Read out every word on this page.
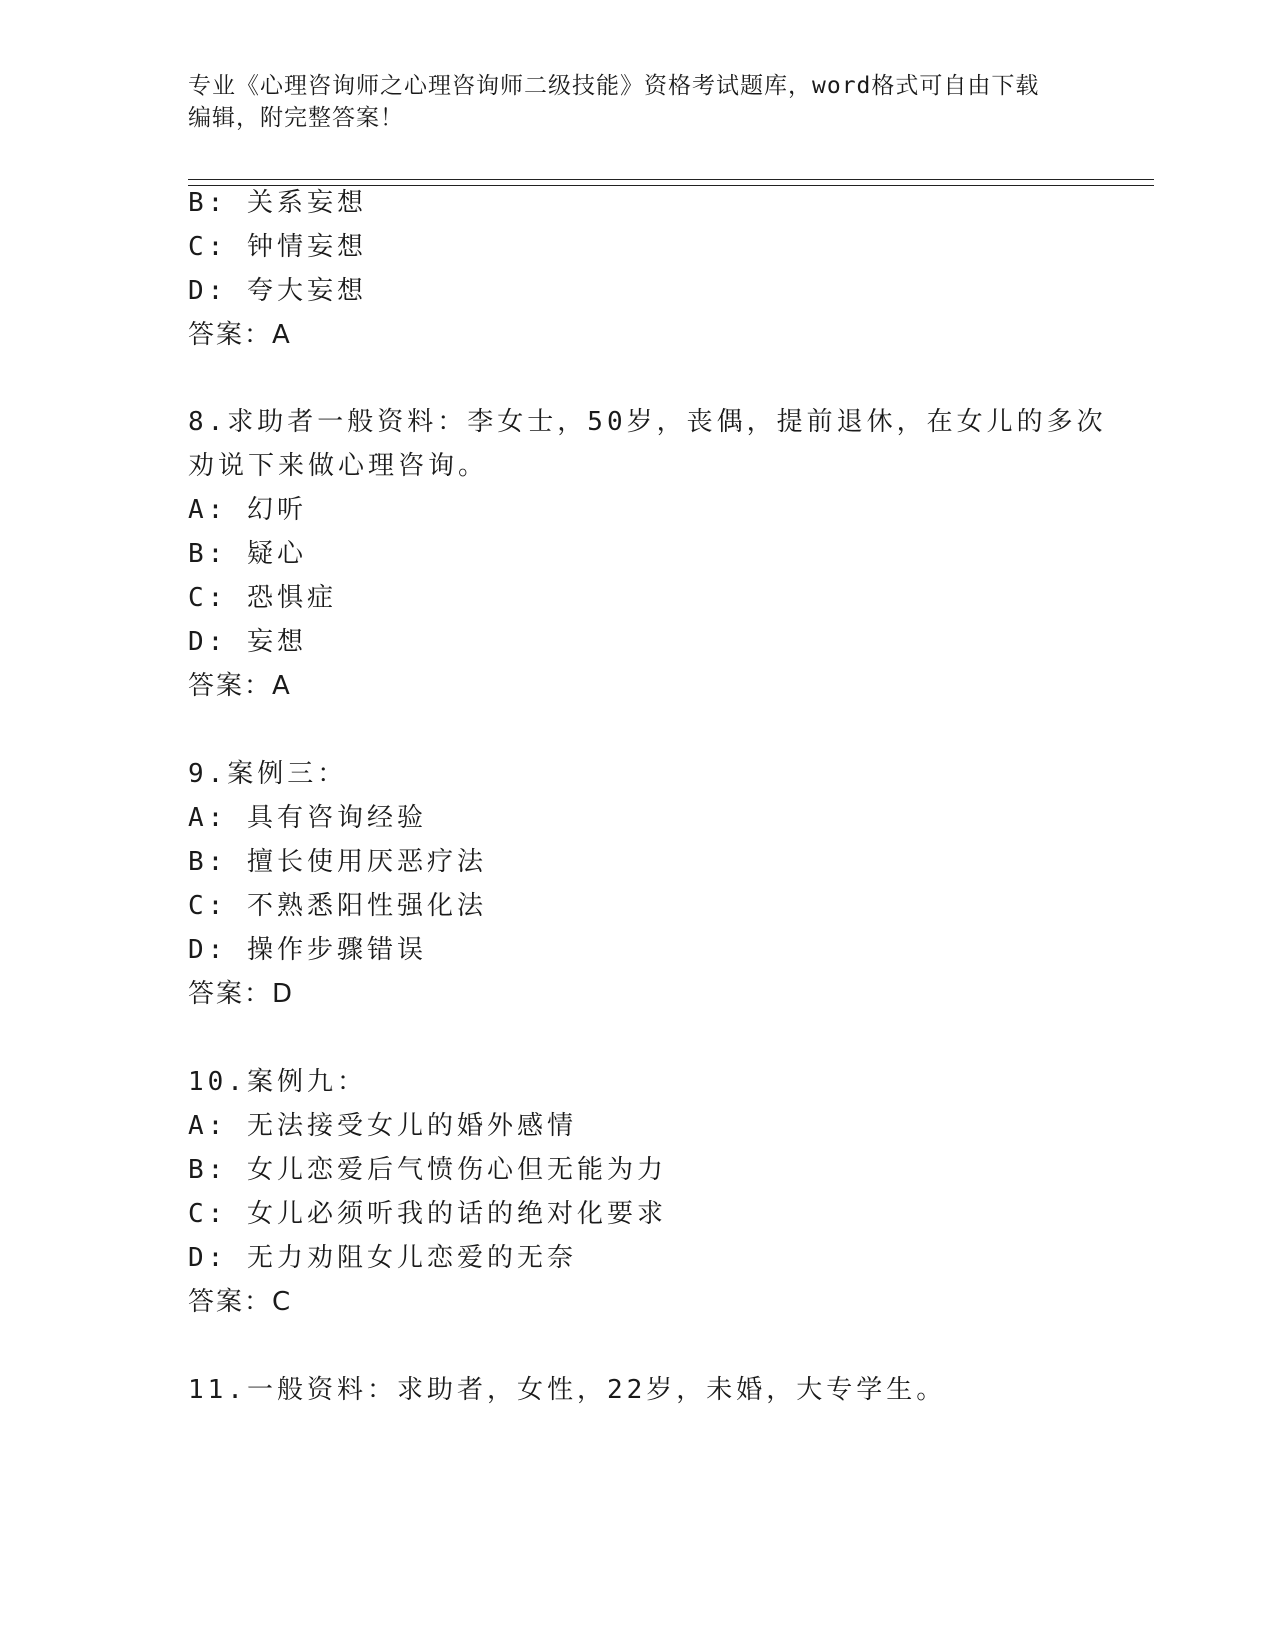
专业《心理咨询师之心理咨询师二级技能》资格考试题库，word格式可自由下载
编辑，附完整答案！
B: 关系妄想
C: 钟情妄想
D: 夸大妄想
答案：A
8.求助者一般资料：李女士，50岁，丧偶，提前退休，在女儿的多次
劝说下来做心理咨询。
A: 幻听
B: 疑心
C: 恐惧症
D: 妄想
答案：A
9.案例三：
A: 具有咨询经验
B: 擅长使用厌恶疗法
C: 不熟悉阳性强化法
D: 操作步骤错误
答案：D
10.案例九：
A: 无法接受女儿的婚外感情
B: 女儿恋爱后气愤伤心但无能为力
C: 女儿必须听我的话的绝对化要求
D: 无力劝阻女儿恋爱的无奈
答案：C
11.一般资料：求助者，女性，22岁，未婚，大专学生。
